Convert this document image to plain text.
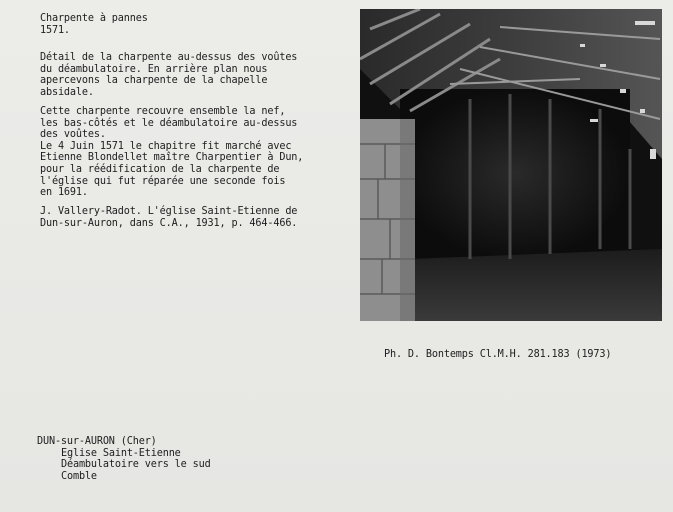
Charpente à pannes
1571.
Détail de la charpente au-dessus des voûtes
du déambulatoire. En arrière plan nous
apercevons la charpente de la chapelle
absidale.
Cette charpente recouvre ensemble la nef,
les bas-côtés et le déambulatoire au-dessus
des voûtes.
Le 4 Juin 1571 le chapitre fit marché avec
Etienne Blondellet maître Charpentier à Dun,
pour la réédification de la charpente de
l'église qui fut réparée une seconde fois
en 1691.
J. Vallery-Radot. L'église Saint-Etienne de
Dun-sur-Auron, dans C.A., 1931, p. 464-466.
Ph. D. Bontemps Cl.M.H. 281.183 (1973)
DUN-sur-AURON (Cher)
Eglise Saint-Etienne
Déambulatoire vers le sud
Comble
